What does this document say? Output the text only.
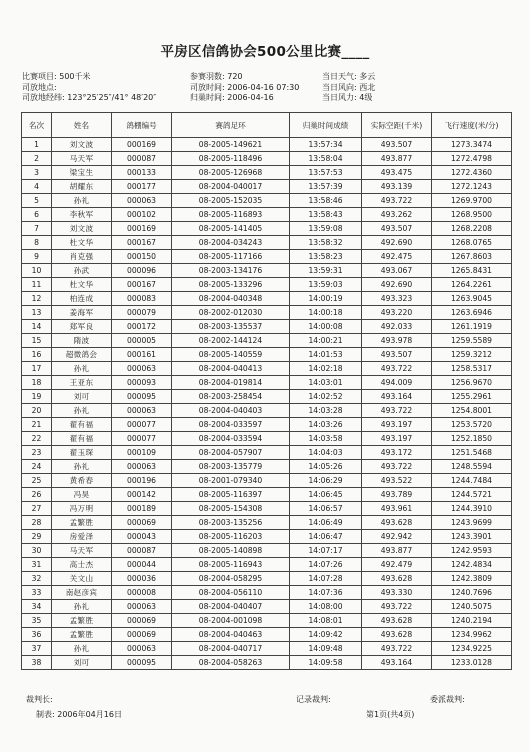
平房区信鸽协会500公里比赛____
比赛项目: 500千米	参赛羽数: 720	当日天气: 多云
司放地点:	司放时间: 2006-04-16 07:30	当日风向: 西北
司放地经纬: 123°25′25″/41° 48′20″	归巢时间: 2006-04-16	当日风力: 4级
名次	姓名	鸽棚编号	赛鸽足环	归巢时间成绩	实际空距(千米)	飞行速度(米/分)
1	刘文波	000169	08-2005-149621	13:57:34	493.507	1273.3474
2	马天军	000087	08-2005-118496	13:58:04	493.877	1272.4798
3	梁宝生	000133	08-2005-126968	13:57:53	493.475	1272.4360
4	胡耀东	000177	08-2004-040017	13:57:39	493.139	1272.1243
5	孙礼	000063	08-2005-152035	13:58:46	493.722	1269.9700
6	李秋军	000102	08-2005-116893	13:58:43	493.262	1268.9500
7	刘文波	000169	08-2005-141405	13:59:08	493.507	1268.2208
8	杜文华	000167	08-2004-034243	13:58:32	492.690	1268.0765
9	肖克强	000150	08-2005-117166	13:58:23	492.475	1267.8603
10	孙武	000096	08-2003-134176	13:59:31	493.067	1265.8431
11	杜文华	000167	08-2005-133296	13:59:03	492.690	1264.2261
12	柏连成	000083	08-2004-040348	14:00:19	493.323	1263.9045
13	姜海军	000079	08-2002-012030	14:00:18	493.220	1263.6946
14	郑军良	000172	08-2003-135537	14:00:08	492.033	1261.1919
15	隋波	000005	08-2002-144124	14:00:21	493.978	1259.5589
16	超微鸽会	000161	08-2005-140559	14:01:53	493.507	1259.3212
17	孙礼	000063	08-2004-040413	14:02:18	493.722	1258.5317
18	王亚东	000093	08-2004-019814	14:03:01	494.009	1256.9670
19	刘可	000095	08-2003-258454	14:02:52	493.164	1255.2961
20	孙礼	000063	08-2004-040403	14:03:28	493.722	1254.8001
21	翟有福	000077	08-2004-033597	14:03:26	493.197	1253.5720
22	翟有福	000077	08-2004-033594	14:03:58	493.197	1252.1850
23	翟玉琛	000109	08-2004-057907	14:04:03	493.172	1251.5468
24	孙礼	000063	08-2003-135779	14:05:26	493.722	1248.5594
25	黄希春	000196	08-2001-079340	14:06:29	493.522	1244.7484
26	冯昊	000142	08-2005-116397	14:06:45	493.789	1244.5721
27	冯万明	000189	08-2005-154308	14:06:57	493.961	1244.3910
28	孟繁胜	000069	08-2003-135256	14:06:49	493.628	1243.9699
29	房爱泽	000043	08-2005-116203	14:06:47	492.942	1243.3901
30	马天军	000087	08-2005-140898	14:07:17	493.877	1242.9593
31	高士杰	000044	08-2005-116943	14:07:26	492.479	1242.4834
32	关文山	000036	08-2004-058295	14:07:28	493.628	1242.3809
33	南赵彦宾	000008	08-2004-056110	14:07:36	493.330	1240.7696
34	孙礼	000063	08-2004-040407	14:08:00	493.722	1240.5075
35	孟繁胜	000069	08-2004-001098	14:08:01	493.628	1240.2194
36	孟繁胜	000069	08-2004-040463	14:09:42	493.628	1234.9962
37	孙礼	000063	08-2004-040717	14:09:48	493.722	1234.9225
38	刘可	000095	08-2004-058263	14:09:58	493.164	1233.0128
裁判长:	记录裁判:	委派裁判:
制表: 2006年04月16日	第1页(共4页)
